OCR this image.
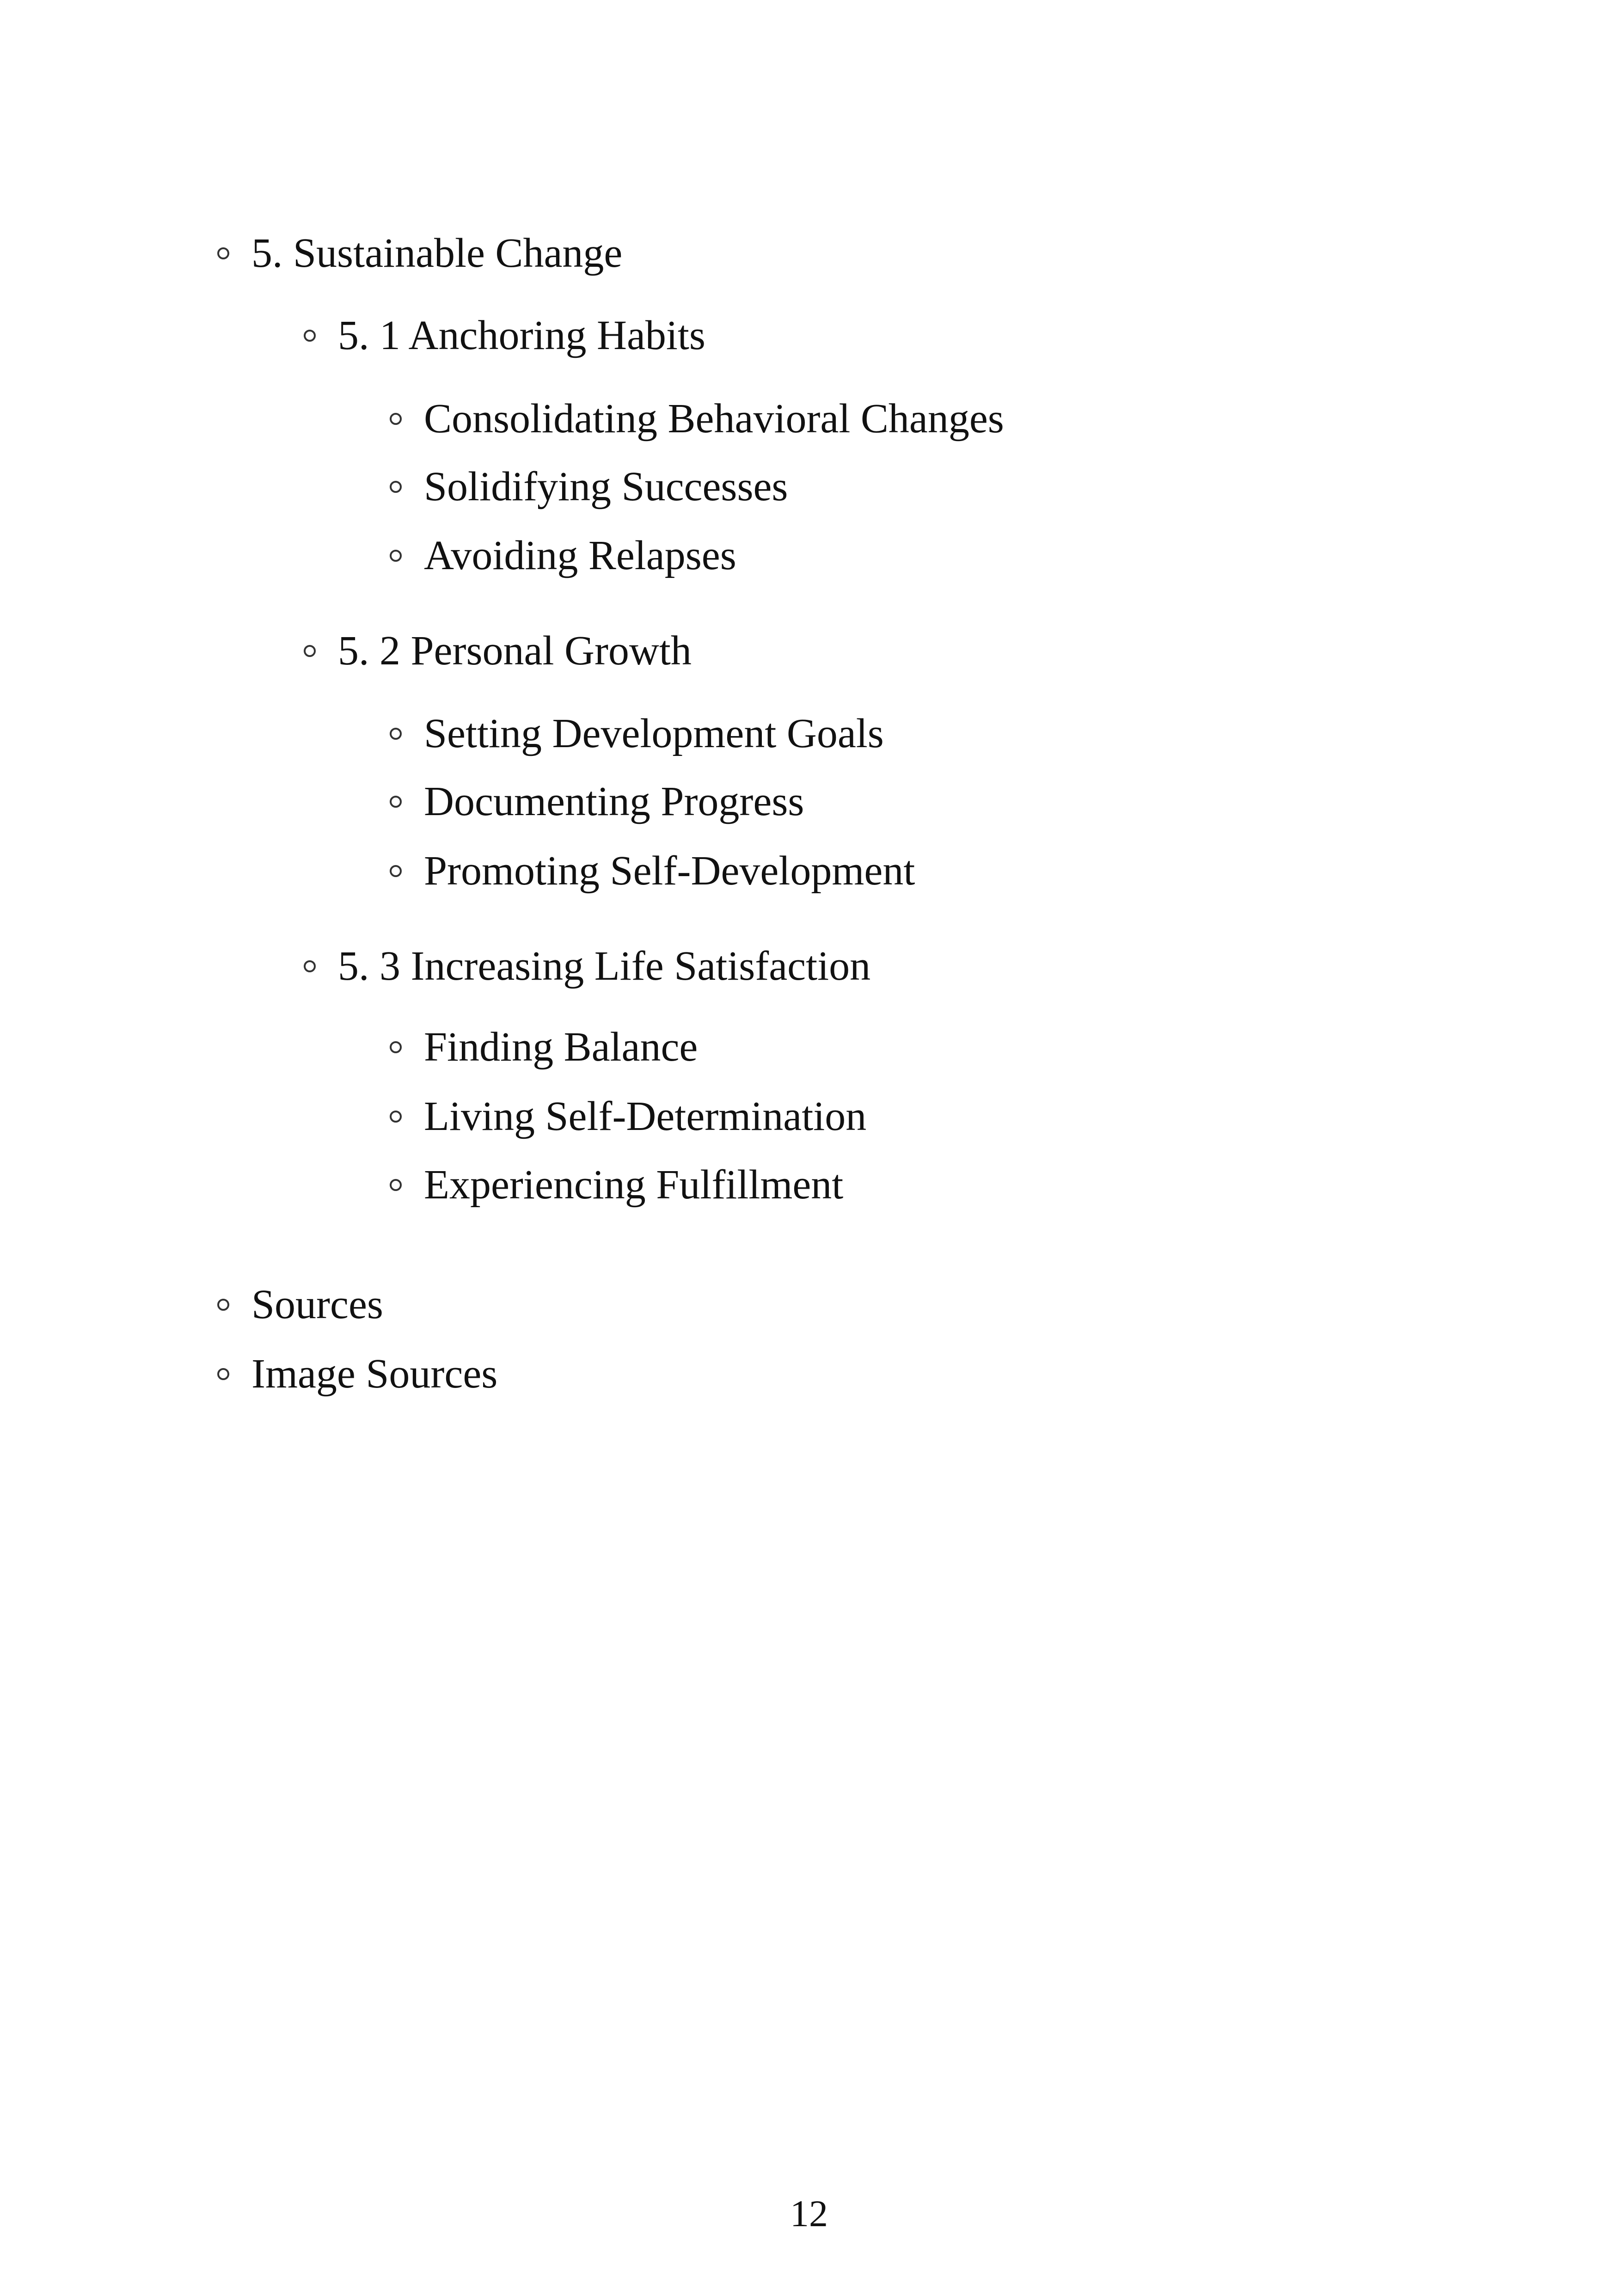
5. Sustainable Change
5. 1 Anchoring Habits
Consolidating Behavioral Changes
Solidifying Successes
Avoiding Relapses
5. 2 Personal Growth
Setting Development Goals
Documenting Progress
Promoting Self-Development
5. 3 Increasing Life Satisfaction
Finding Balance
Living Self-Determination
Experiencing Fulfillment
Sources
Image Sources
12
